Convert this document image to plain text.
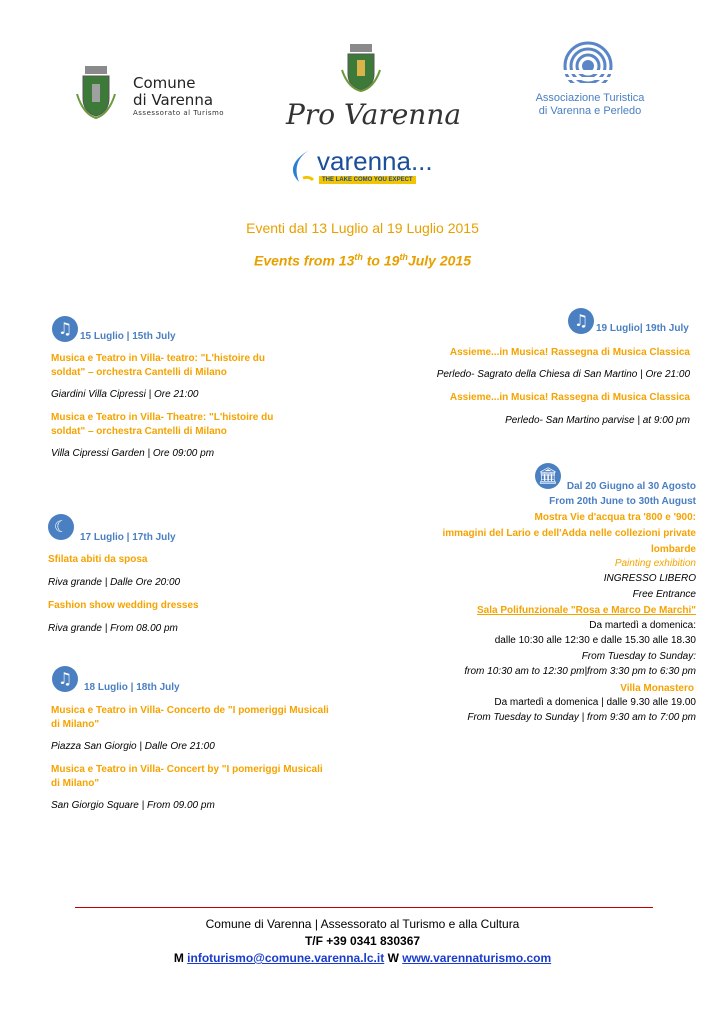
Comune
di Varenna
Assessorato al Turismo Pro Varenna	Associazione Turistica
di Varenna e Perledo
varenna...
THE LAKE COMO YOU EXPECT
Eventi dal 13 Luglio al 19 Luglio 2015
Events from 13th to 19thJuly 2015
♫ 15 Luglio | 15th July
Musica e Teatro in Villa- teatro: "L'histoire du soldat" – orchestra Cantelli di Milano
Giardini Villa Cipressi | Ore 21:00
Musica e Teatro in Villa- Theatre: "L'histoire du soldat" – orchestra Cantelli di Milano
Villa Cipressi Garden | Ore 09:00 pm
☾
17 Luglio | 17th July
Sfilata abiti da sposa
Riva grande | Dalle Ore 20:00
Fashion show wedding dresses
Riva grande | From 08.00 pm
♫	18 Luglio | 18th July
Musica e Teatro in Villa- Concerto de "I pomeriggi Musicali di Milano"
Piazza San Giorgio | Dalle Ore 21:00
Musica e Teatro in Villa- Concert by "I pomeriggi Musicali di Milano"
San Giorgio Square | From 09.00 pm
♫ 19 Luglio| 19th July
Assieme...in Musica! Rassegna di Musica Classica
Perledo- Sagrato della Chiesa di San Martino | Ore 21:00
Assieme...in Musica! Rassegna di Musica Classica
Perledo- San Martino parvise | at 9:00 pm
🏛
Dal 20 Giugno al 30 Agosto
From 20th June to 30th August
Mostra Vie d'acqua tra '800 e '900:
immagini del Lario e dell'Adda nelle collezioni private
lombarde
Painting exhibition
INGRESSO LIBERO
Free Entrance
Sala Polifunzionale "Rosa e Marco De Marchi"
Da martedì a domenica:
dalle 10:30 alle 12:30 e dalle 15.30 alle 18.30
From Tuesday to Sunday:
from 10:30 am to 12:30 pm|from 3:30 pm to 6:30 pm
Villa Monastero
Da martedì a domenica | dalle 9.30 alle 19.00
From Tuesday to Sunday | from 9:30 am to 7:00 pm
Comune di Varenna | Assessorato al Turismo e alla Cultura
T/F +39 0341 830367
M infoturismo@comune.varenna.lc.it W www.varennaturismo.com
